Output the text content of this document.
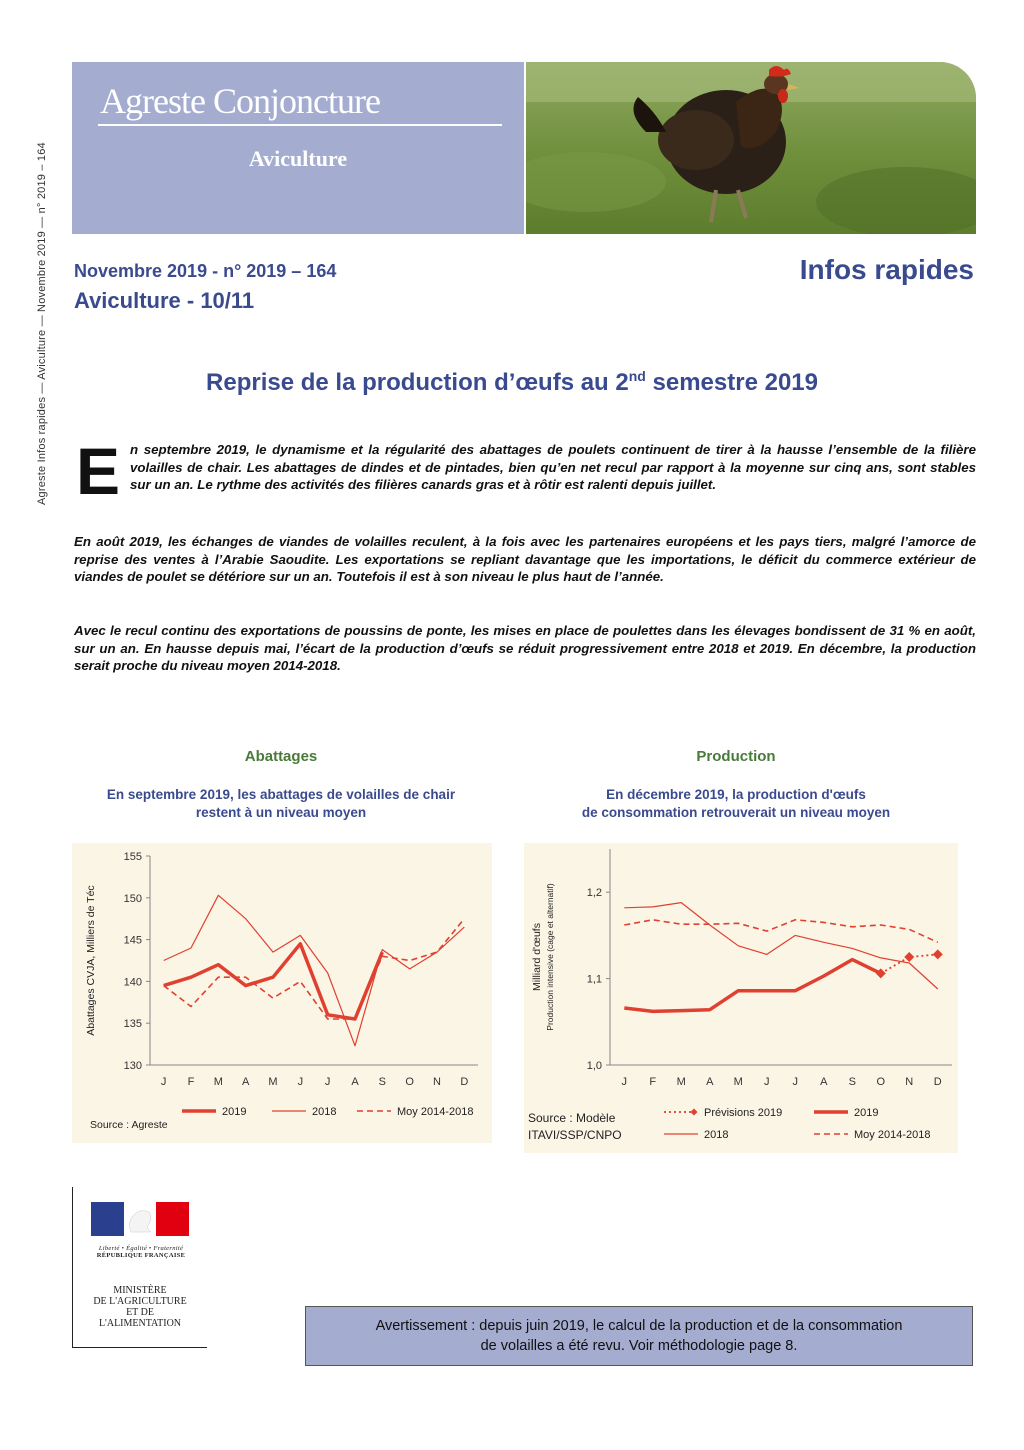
Agreste Infos rapides — Aviculture — Novembre 2019 — n° 2019 – 164
Agreste Conjoncture
Aviculture
Novembre 2019 - n° 2019 – 164
Aviculture - 10/11
Infos rapides
Reprise de la production d’œufs au 2nd semestre 2019

En septembre 2019, le dynamisme et la régularité des abattages de poulets continuent de tirer à la hausse l’ensemble de la filière volailles de chair. Les abattages de dindes et de pintades, bien qu’en net recul par rapport à la moyenne sur cinq ans, sont stables sur un an. Le rythme des activités des filières canards gras et à rôtir est ralenti depuis juillet.

En août 2019, les échanges de viandes de volailles reculent, à la fois avec les partenaires européens et les pays tiers, malgré l’amorce de reprise des ventes à l’Arabie Saoudite. Les exportations se repliant davantage que les importations, le déficit du commerce extérieur de viandes de poulet se détériore sur un an. Toutefois il est à son niveau le plus haut de l’année.

Avec le recul continu des exportations de poussins de ponte, les mises en place de poulettes dans les élevages bondissent de 31 % en août, sur un an. En hausse depuis mai, l’écart de la production d’œufs se réduit progressivement entre 2018 et 2019. En décembre, la production serait proche du niveau moyen 2014-2018.

Abattages
En septembre 2019, les abattages de volailles de chair
restent à un niveau moyen
Production
En décembre 2019, la production d'œufs
de consommation retrouverait un niveau moyen
130
135
140
145
150
155
J F M A M J J A S O N D
Abattages CVJA, Milliers de Téc
2019	2018	Moy 2014-2018
Source : Agreste
1,0
1,1
1,2
J F M A M J J A S O N D
Milliard d'œufs Production intensive (cage et alternatif)
Prévisions 2019	2019
2018	Moy 2014-2018
Source : Modèle
ITAVI/SSP/CNPO
Liberté • Égalité • Fraternité
RÉPUBLIQUE FRANÇAISE
MINISTÈRE
DE L'AGRICULTURE
ET DE
L'ALIMENTATION	Avertissement : depuis juin 2019, le calcul de la production et de la consommation
de volailles a été revu. Voir méthodologie page 8.
